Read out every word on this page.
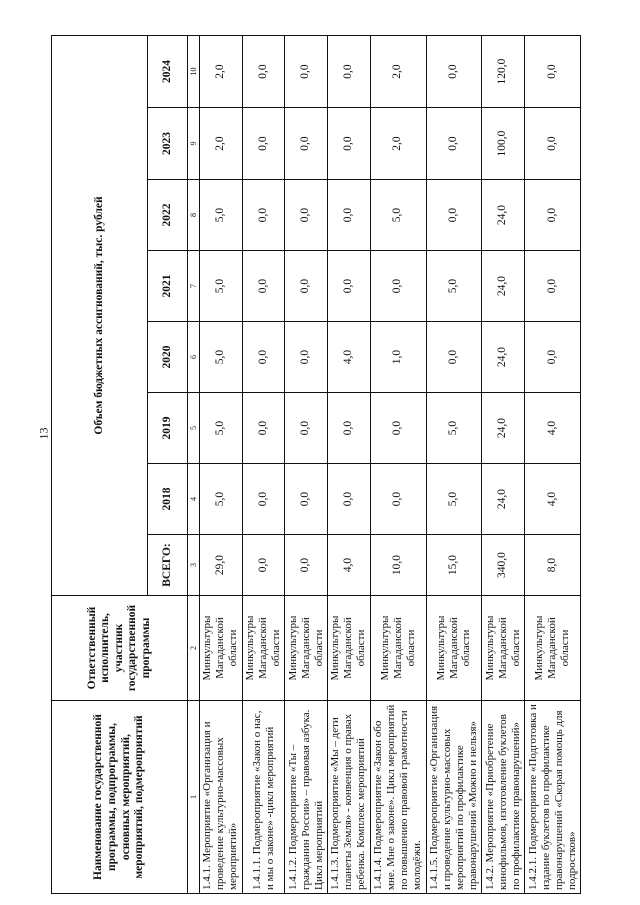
13
Наименование государственной программы, подпрограммы, основных мероприятий, мероприятий, подмероприятий	Ответственный исполнитель, участник государственной программы	Объем бюджетных ассигнований, тыс. рублей							
		ВСЕГО:	2018	2019	2020	2021	2022	2023	2024
1	2	3	4	5	6	7	8	9	10
1.4.1. Мероприятие «Организация и проведение культурно-массовых мероприятий»	Минкультуры Магаданской области	29,0	5,0	5,0	5,0	5,0	5,0	2,0	2,0
1.4.1.1. Подмероприятие «Закон о нас, и мы о законе» -цикл мероприятий	Минкультуры Магаданской области	0,0	0,0	0,0	0,0	0,0	0,0	0,0	0,0
1.4.1.2. Подмероприятие «Ты – гражданин России» – правовая азбука. Цикл мероприятий	Минкультуры Магаданской области	0,0	0,0	0,0	0,0	0,0	0,0	0,0	0,0
1.4.1.3. Подмероприятие «Мы – дети планеты Земля» - конвенция о правах ребенка. Комплекс мероприятий	Минкультуры Магаданской области	4,0	0,0	0,0	4,0	0,0	0,0	0,0	0,0
1.4.1.4. Подмероприятие «Закон обо мне. Мне о законе». Цикл мероприятий по повышению правовой грамотности молодёжи.	Минкультуры Магаданской области	10,0	0,0	0,0	1,0	0,0	5,0	2,0	2,0
1.4.1.5. Подмероприятие «Организация и проведение культурно-массовых мероприятий по профилактике правонарушений «Можно и нельзя»	Минкультуры Магаданской области	15,0	5,0	5,0	0,0	5,0	0,0	0,0	0,0
1.4.2. Мероприятие «Приобретение кинофильмов, изготовление буклетов по профилактике правонарушений»	Минкультуры Магаданской области	340,0	24,0	24,0	24,0	24,0	24,0	100,0	120,0
1.4.2.1. Подмероприятие «Подготовка и издание буклетов по профилактике правонарушений «Скорая помощь для подростков»	Минкультуры Магаданской области	8,0	4,0	4,0	0,0	0,0	0,0	0,0	0,0
